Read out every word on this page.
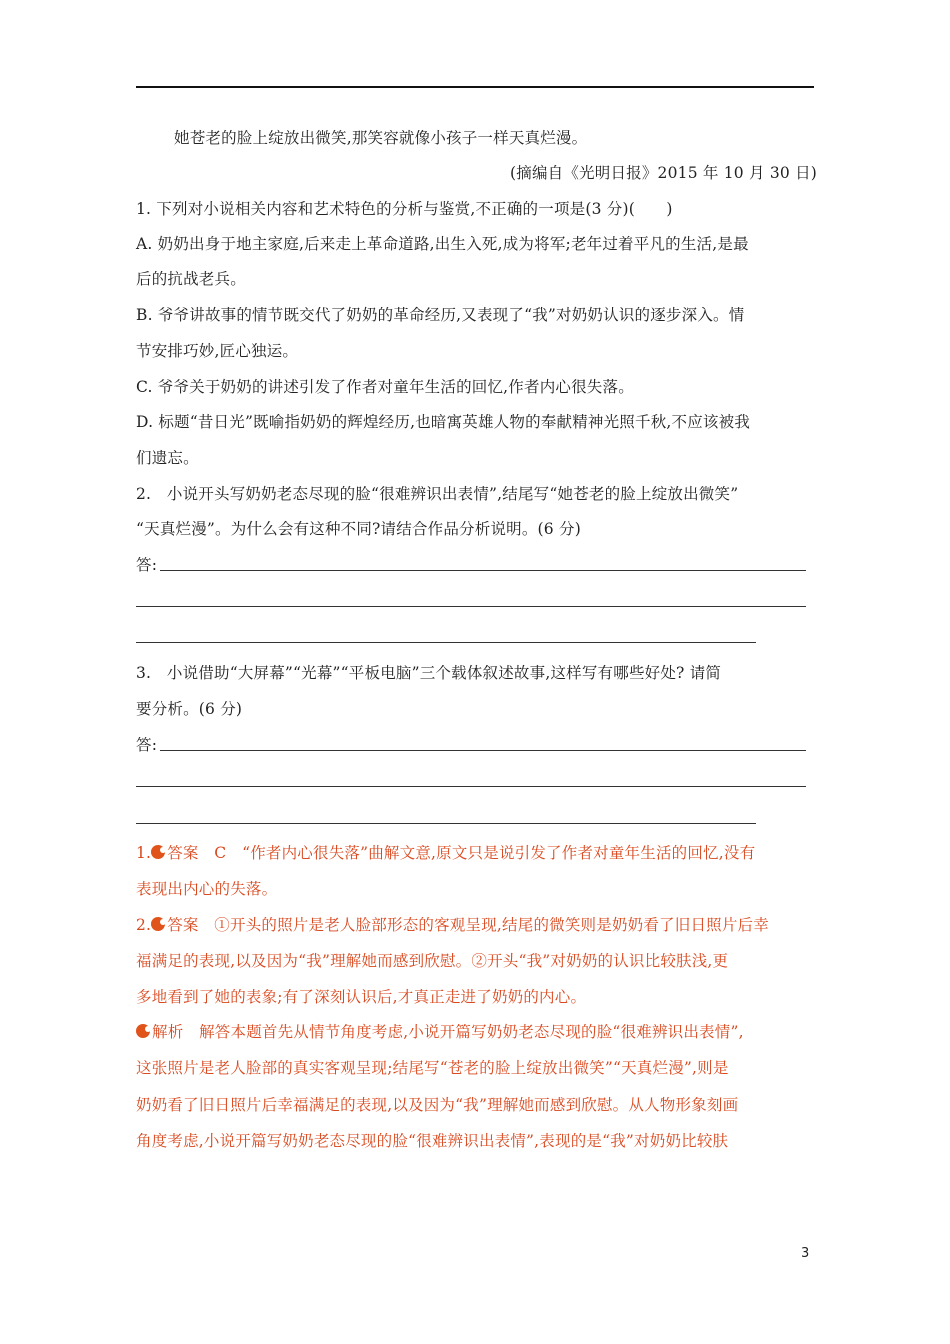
她苍老的脸上绽放出微笑,那笑容就像小孩子一样天真烂漫。
(摘编自《光明日报》2015 年 10 月 30 日)
1. 下列对小说相关内容和艺术特色的分析与鉴赏,不正确的一项是(3 分)(　　)
A. 奶奶出身于地主家庭,后来走上革命道路,出生入死,成为将军;老年过着平凡的生活,是最
后的抗战老兵。
B. 爷爷讲故事的情节既交代了奶奶的革命经历,又表现了“我”对奶奶认识的逐步深入。情
节安排巧妙,匠心独运。
C. 爷爷关于奶奶的讲述引发了作者对童年生活的回忆,作者内心很失落。
D. 标题“昔日光”既喻指奶奶的辉煌经历,也暗寓英雄人物的奉献精神光照千秋,不应该被我
们遗忘。
2.　小说开头写奶奶老态尽现的脸“很难辨识出表情”,结尾写“她苍老的脸上绽放出微笑”
“天真烂漫”。为什么会有这种不同?请结合作品分析说明。(6 分)
答:
3.　小说借助“大屏幕”“光幕”“平板电脑”三个载体叙述故事,这样写有哪些好处? 请简
要分析。(6 分)
答:
1. 答案　C　“作者内心很失落”曲解文意,原文只是说引发了作者对童年生活的回忆,没有
表现出内心的失落。
2. 答案　①开头的照片是老人脸部形态的客观呈现,结尾的微笑则是奶奶看了旧日照片后幸
福满足的表现,以及因为“我”理解她而感到欣慰。②开头“我”对奶奶的认识比较肤浅,更
多地看到了她的表象;有了深刻认识后,才真正走进了奶奶的内心。
解析　解答本题首先从情节角度考虑,小说开篇写奶奶老态尽现的脸“很难辨识出表情”,
这张照片是老人脸部的真实客观呈现;结尾写“苍老的脸上绽放出微笑”“天真烂漫”,则是
奶奶看了旧日照片后幸福满足的表现,以及因为“我”理解她而感到欣慰。从人物形象刻画
角度考虑,小说开篇写奶奶老态尽现的脸“很难辨识出表情”,表现的是“我”对奶奶比较肤
3
